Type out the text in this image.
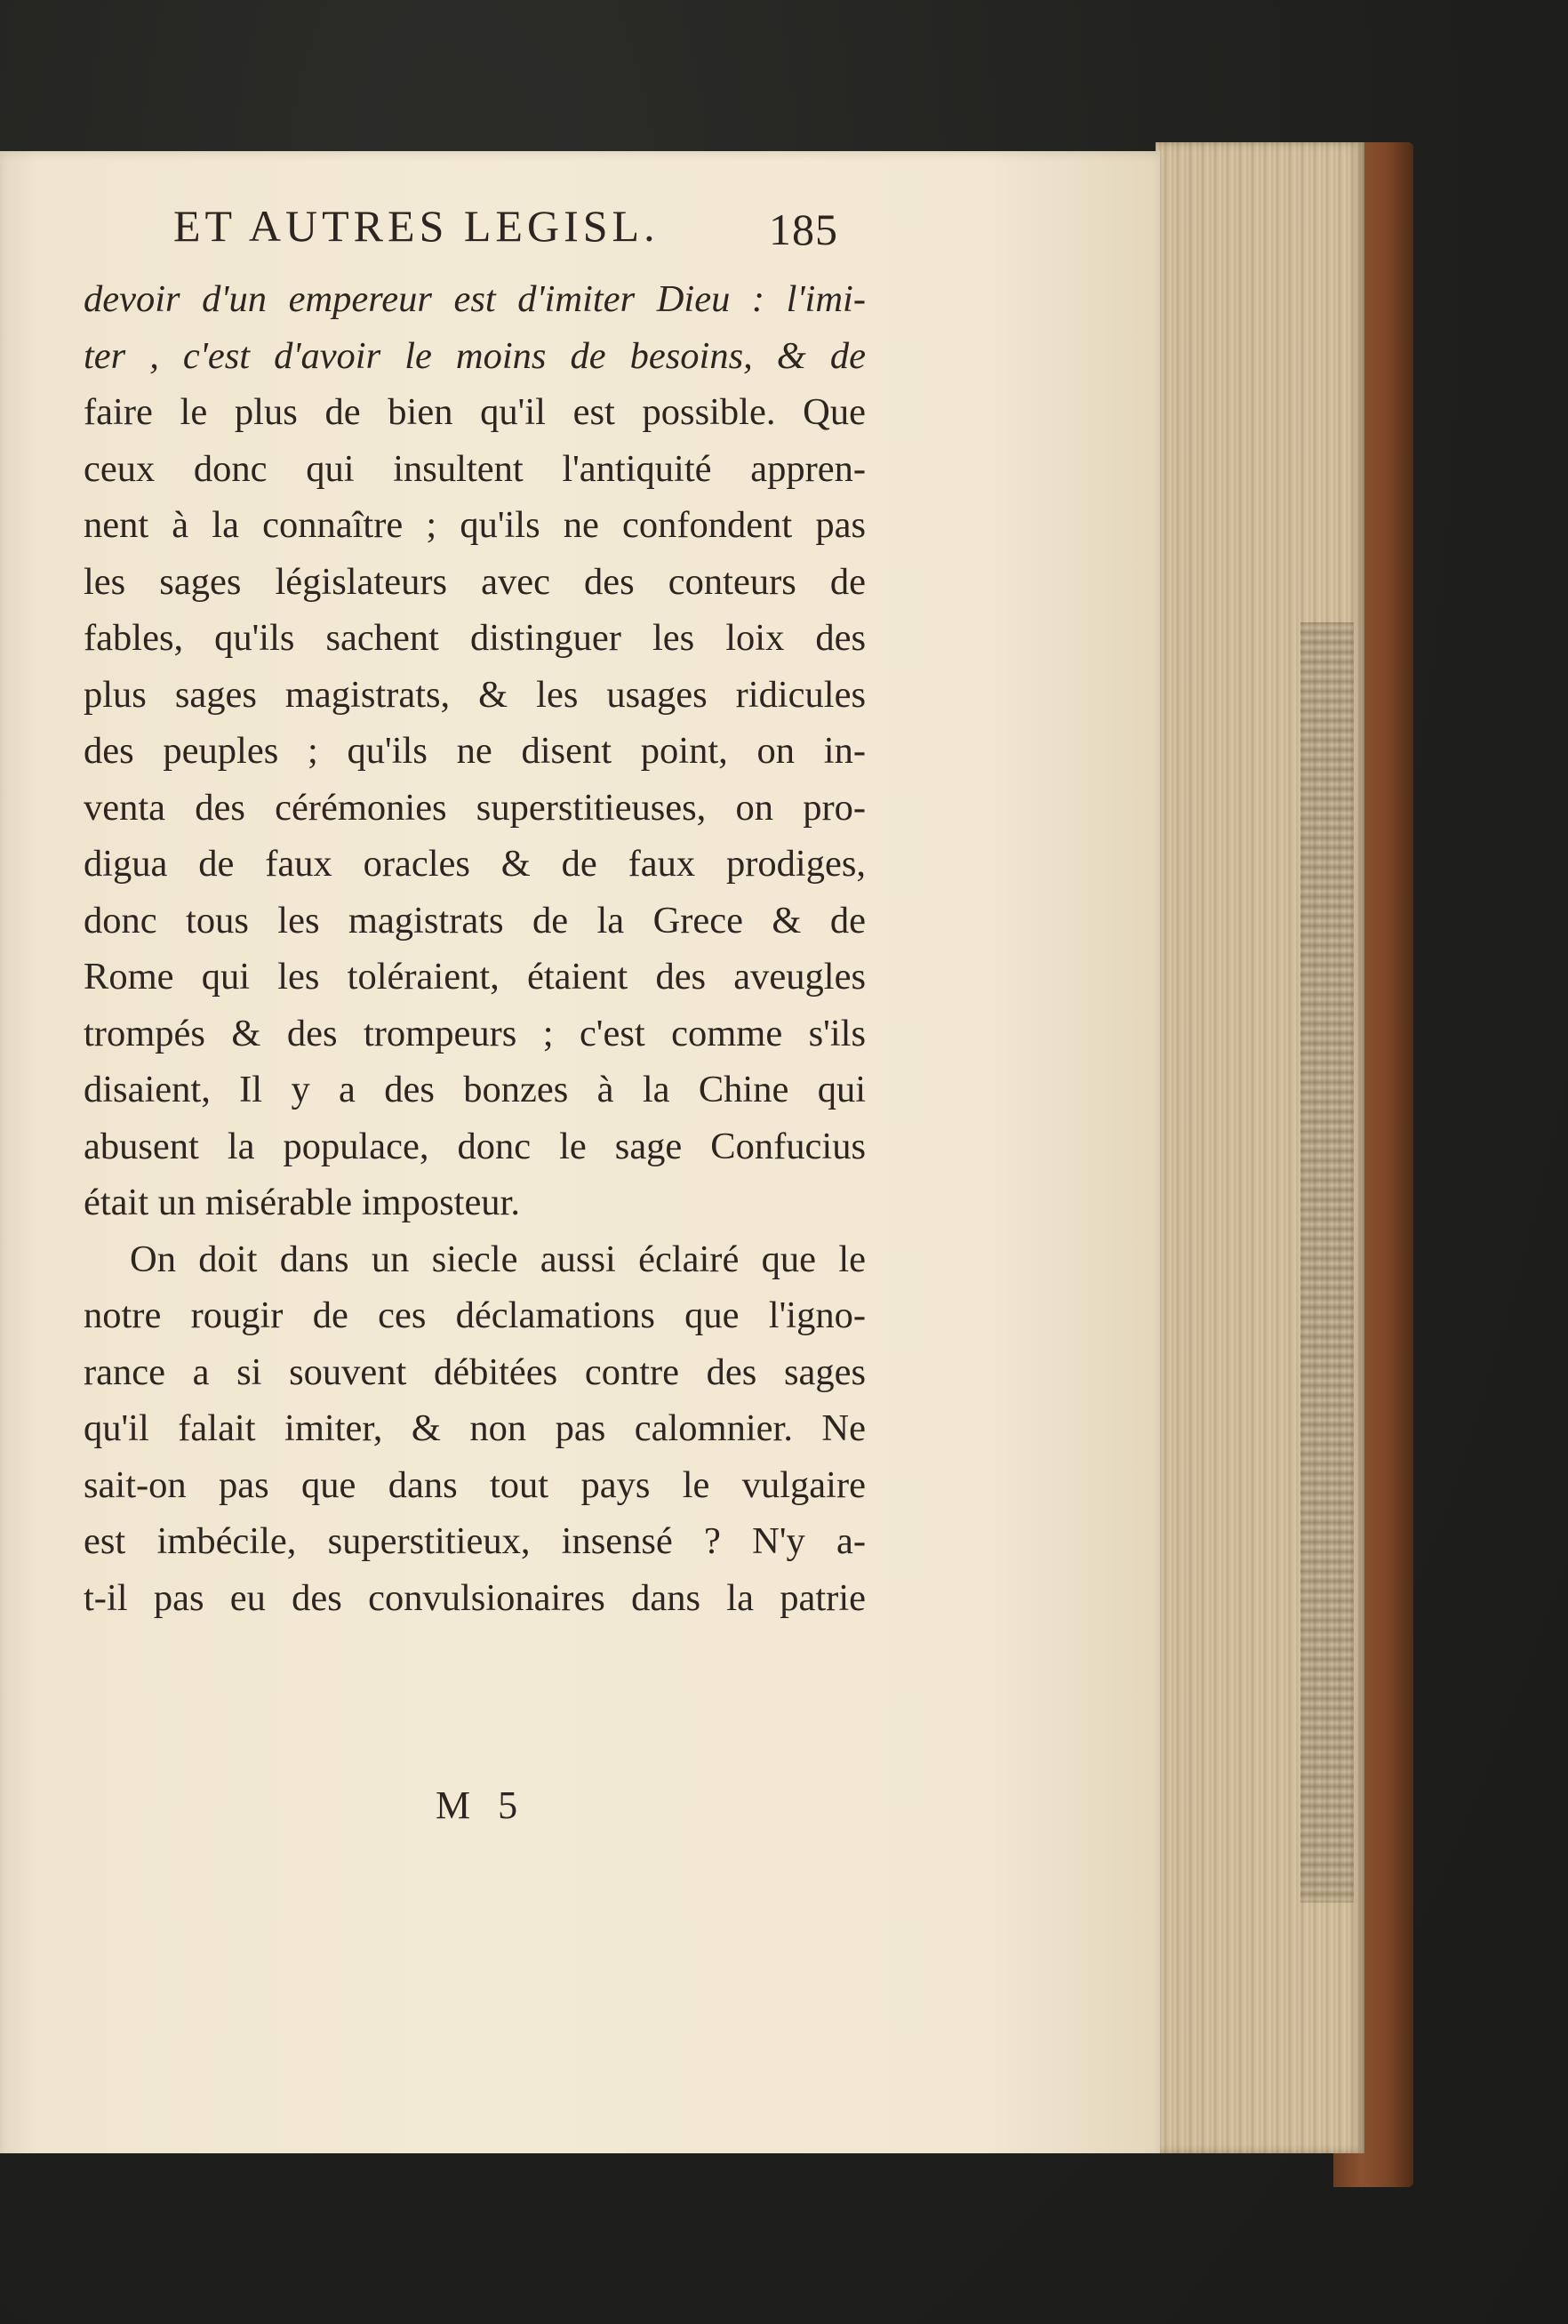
ET AUTRES LEGISL. 185
devoir d'un empereur est d'imiter Dieu : l'imi-
ter , c'est d'avoir le moins de besoins, & de
faire le plus de bien qu'il est possible. Que
ceux donc qui insultent l'antiquité appren-
nent à la connaître ; qu'ils ne confondent pas
les sages législateurs avec des conteurs de
fables, qu'ils sachent distinguer les loix des
plus sages magistrats, & les usages ridicules
des peuples ; qu'ils ne disent point, on in-
venta des cérémonies superstitieuses, on pro-
digua de faux oracles & de faux prodiges,
donc tous les magistrats de la Grece & de
Rome qui les toléraient, étaient des aveugles
trompés & des trompeurs ; c'est comme s'ils
disaient, Il y a des bonzes à la Chine qui
abusent la populace, donc le sage Confucius
était un misérable imposteur.
On doit dans un siecle aussi éclairé que le
notre rougir de ces déclamations que l'igno-
rance a si souvent débitées contre des sages
qu'il falait imiter, & non pas calomnier. Ne
sait-on pas que dans tout pays le vulgaire
est imbécile, superstitieux, insensé ? N'y a-
t-il pas eu des convulsionaires dans la patrie
M 5
